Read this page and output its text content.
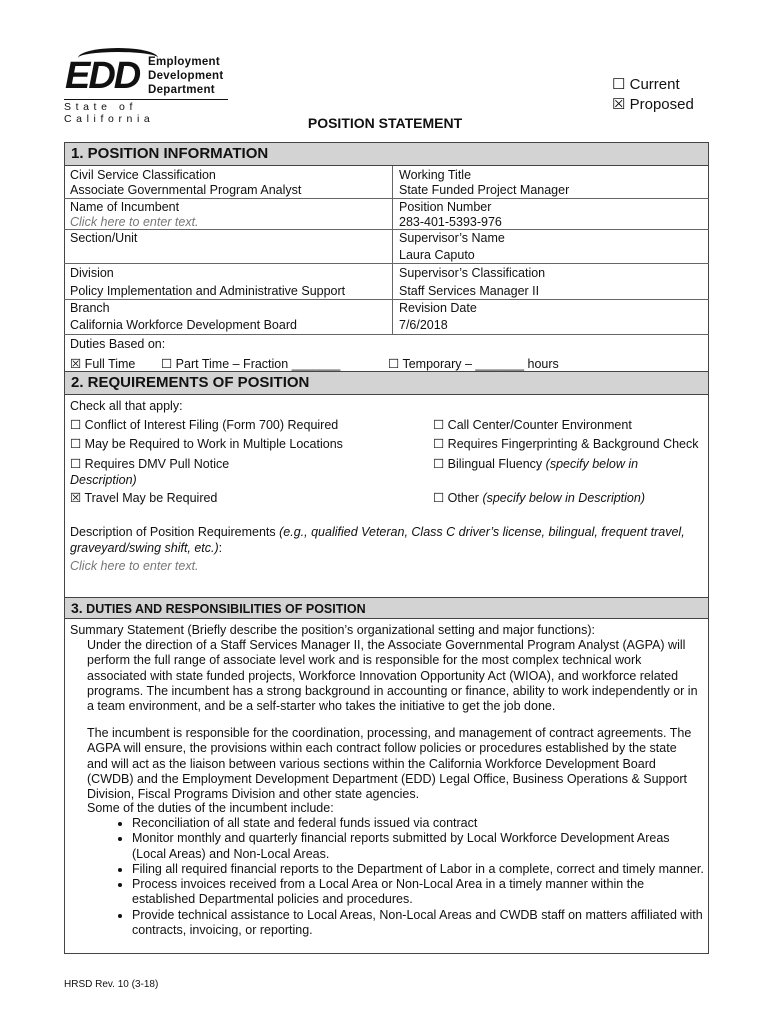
EDD Employment
Development
Department
State of California
☐ Current
☒ Proposed
POSITION STATEMENT
1. POSITION INFORMATION
Civil Service Classification
Associate Governmental Program Analyst
Working Title
State Funded Project Manager
Name of Incumbent
Click here to enter text.
Position Number
283-401-5393-976
Section/Unit	Supervisor’s Name
Laura Caputo
Division
Policy Implementation and Administrative Support
Supervisor’s Classification
Staff Services Manager II
Branch
California Workforce Development Board
Revision Date
7/6/2018
Duties Based on:
☒ Full Time ☐ Part Time – Fraction _______	☐ Temporary – _______ hours
2. REQUIREMENTS OF POSITION
Check all that apply:
☐ Conflict of Interest Filing (Form 700) Required
☐ May be Required to Work in Multiple Locations
☐ Requires DMV Pull Notice
☒ Travel May be Required
☐ Call Center/Counter Environment
☐ Requires Fingerprinting & Background Check
☐ Bilingual Fluency (specify below in
Description)
☐ Other (specify below in Description)
Description of Position Requirements (e.g., qualified Veteran, Class C driver’s license, bilingual, frequent travel,
graveyard/swing shift, etc.):
Click here to enter text.
3. DUTIES AND RESPONSIBILITIES OF POSITION
Summary Statement (Briefly describe the position’s organizational setting and major functions):
Under the direction of a Staff Services Manager II, the Associate Governmental Program Analyst (AGPA) will perform the full range of associate level work and is responsible for the most complex technical work associated with state funded projects, Workforce Innovation Opportunity Act (WIOA), and workforce related programs. The incumbent has a strong background in accounting or finance, ability to work independently or in a team environment, and be a self-starter who takes the initiative to get the job done.
The incumbent is responsible for the coordination, processing, and management of contract agreements. The AGPA will ensure, the provisions within each contract follow policies or procedures established by the state and will act as the liaison between various sections within the California Workforce Development Board (CWDB) and the Employment Development Department (EDD) Legal Office, Business Operations & Support Division, Fiscal Programs Division and other state agencies.
Some of the duties of the incumbent include:
• Reconciliation of all state and federal funds issued via contract
• Monitor monthly and quarterly financial reports submitted by Local Workforce Development Areas (Local Areas) and Non-Local Areas.
• Filing all required financial reports to the Department of Labor in a complete, correct and timely manner.
• Process invoices received from a Local Area or Non-Local Area in a timely manner within the established Departmental policies and procedures.
• Provide technical assistance to Local Areas, Non-Local Areas and CWDB staff on matters affiliated with contracts, invoicing, or reporting.
HRSD Rev. 10 (3-18)
